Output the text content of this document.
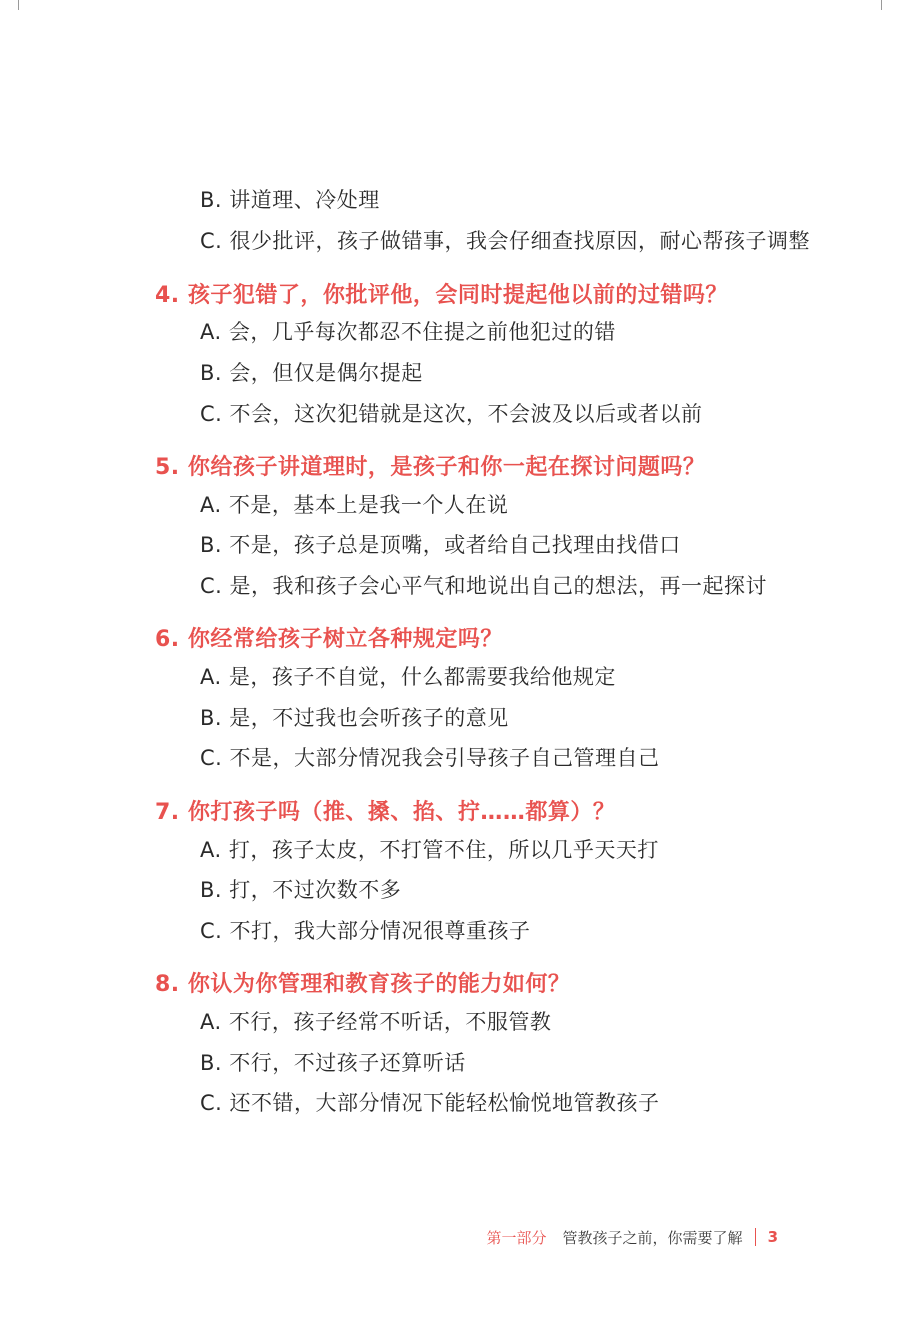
B. 讲道理、冷处理
C. 很少批评，孩子做错事，我会仔细查找原因，耐心帮孩子调整
4. 孩子犯错了，你批评他，会同时提起他以前的过错吗？
A. 会，几乎每次都忍不住提之前他犯过的错
B. 会，但仅是偶尔提起
C. 不会，这次犯错就是这次，不会波及以后或者以前
5. 你给孩子讲道理时，是孩子和你一起在探讨问题吗？
A. 不是，基本上是我一个人在说
B. 不是，孩子总是顶嘴，或者给自己找理由找借口
C. 是，我和孩子会心平气和地说出自己的想法，再一起探讨
6. 你经常给孩子树立各种规定吗？
A. 是，孩子不自觉，什么都需要我给他规定
B. 是，不过我也会听孩子的意见
C. 不是，大部分情况我会引导孩子自己管理自己
7. 你打孩子吗（推、搡、掐、拧……都算）？
A. 打，孩子太皮，不打管不住，所以几乎天天打
B. 打，不过次数不多
C. 不打，我大部分情况很尊重孩子
8. 你认为你管理和教育孩子的能力如何？
A. 不行，孩子经常不听话，不服管教
B. 不行，不过孩子还算听话
C. 还不错，大部分情况下能轻松愉悦地管教孩子
第一部分 管教孩子之前，你需要了解 3
